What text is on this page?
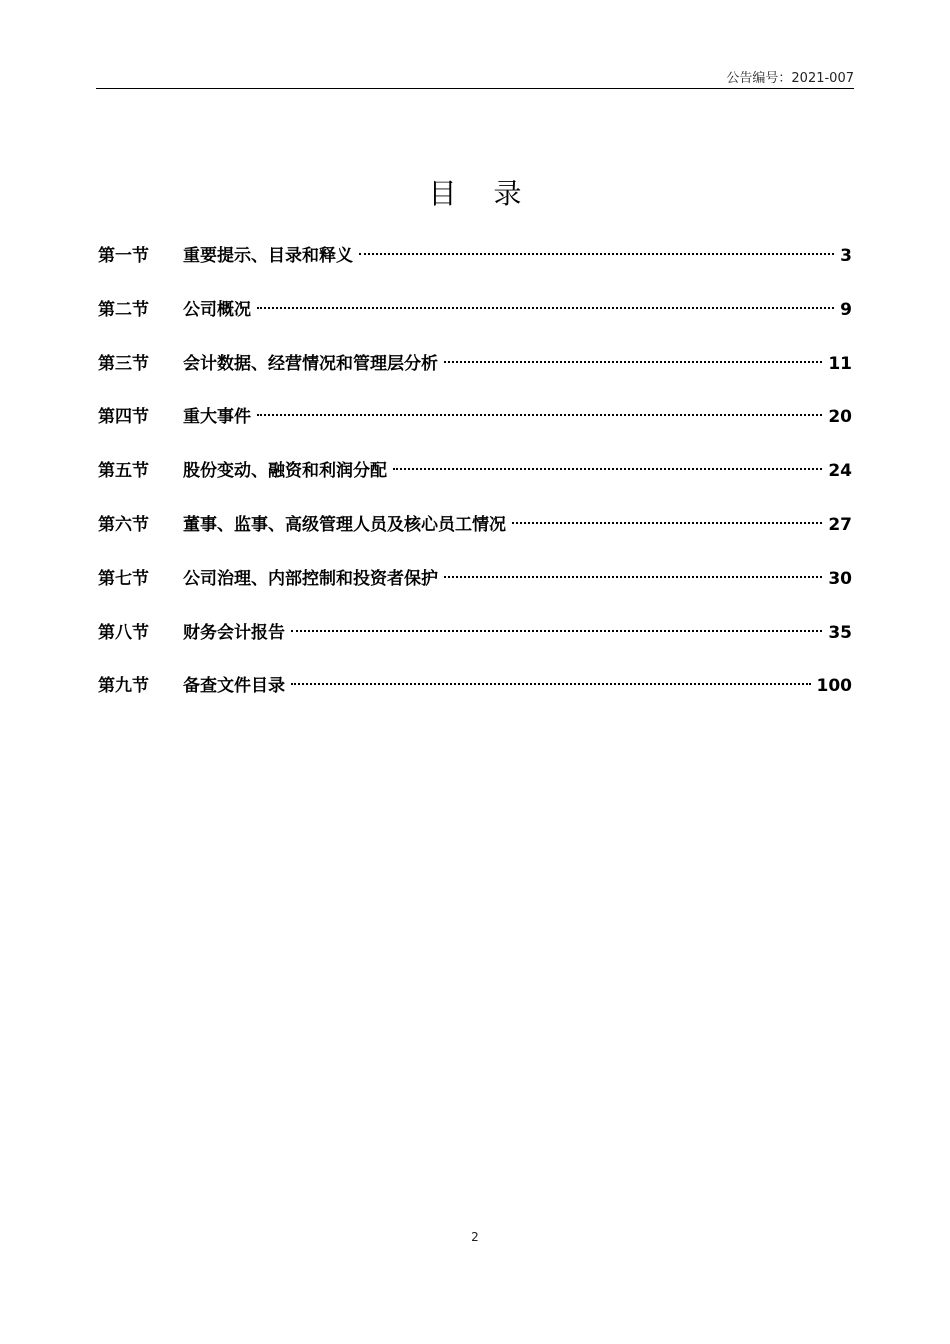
公告编号：2021-007
目 录
第一节	重要提示、目录和释义	3
第二节	公司概况	9
第三节	会计数据、经营情况和管理层分析	11
第四节	重大事件	20
第五节	股份变动、融资和利润分配	24
第六节	董事、监事、高级管理人员及核心员工情况	27
第七节	公司治理、内部控制和投资者保护	30
第八节	财务会计报告	35
第九节	备查文件目录	100
2
